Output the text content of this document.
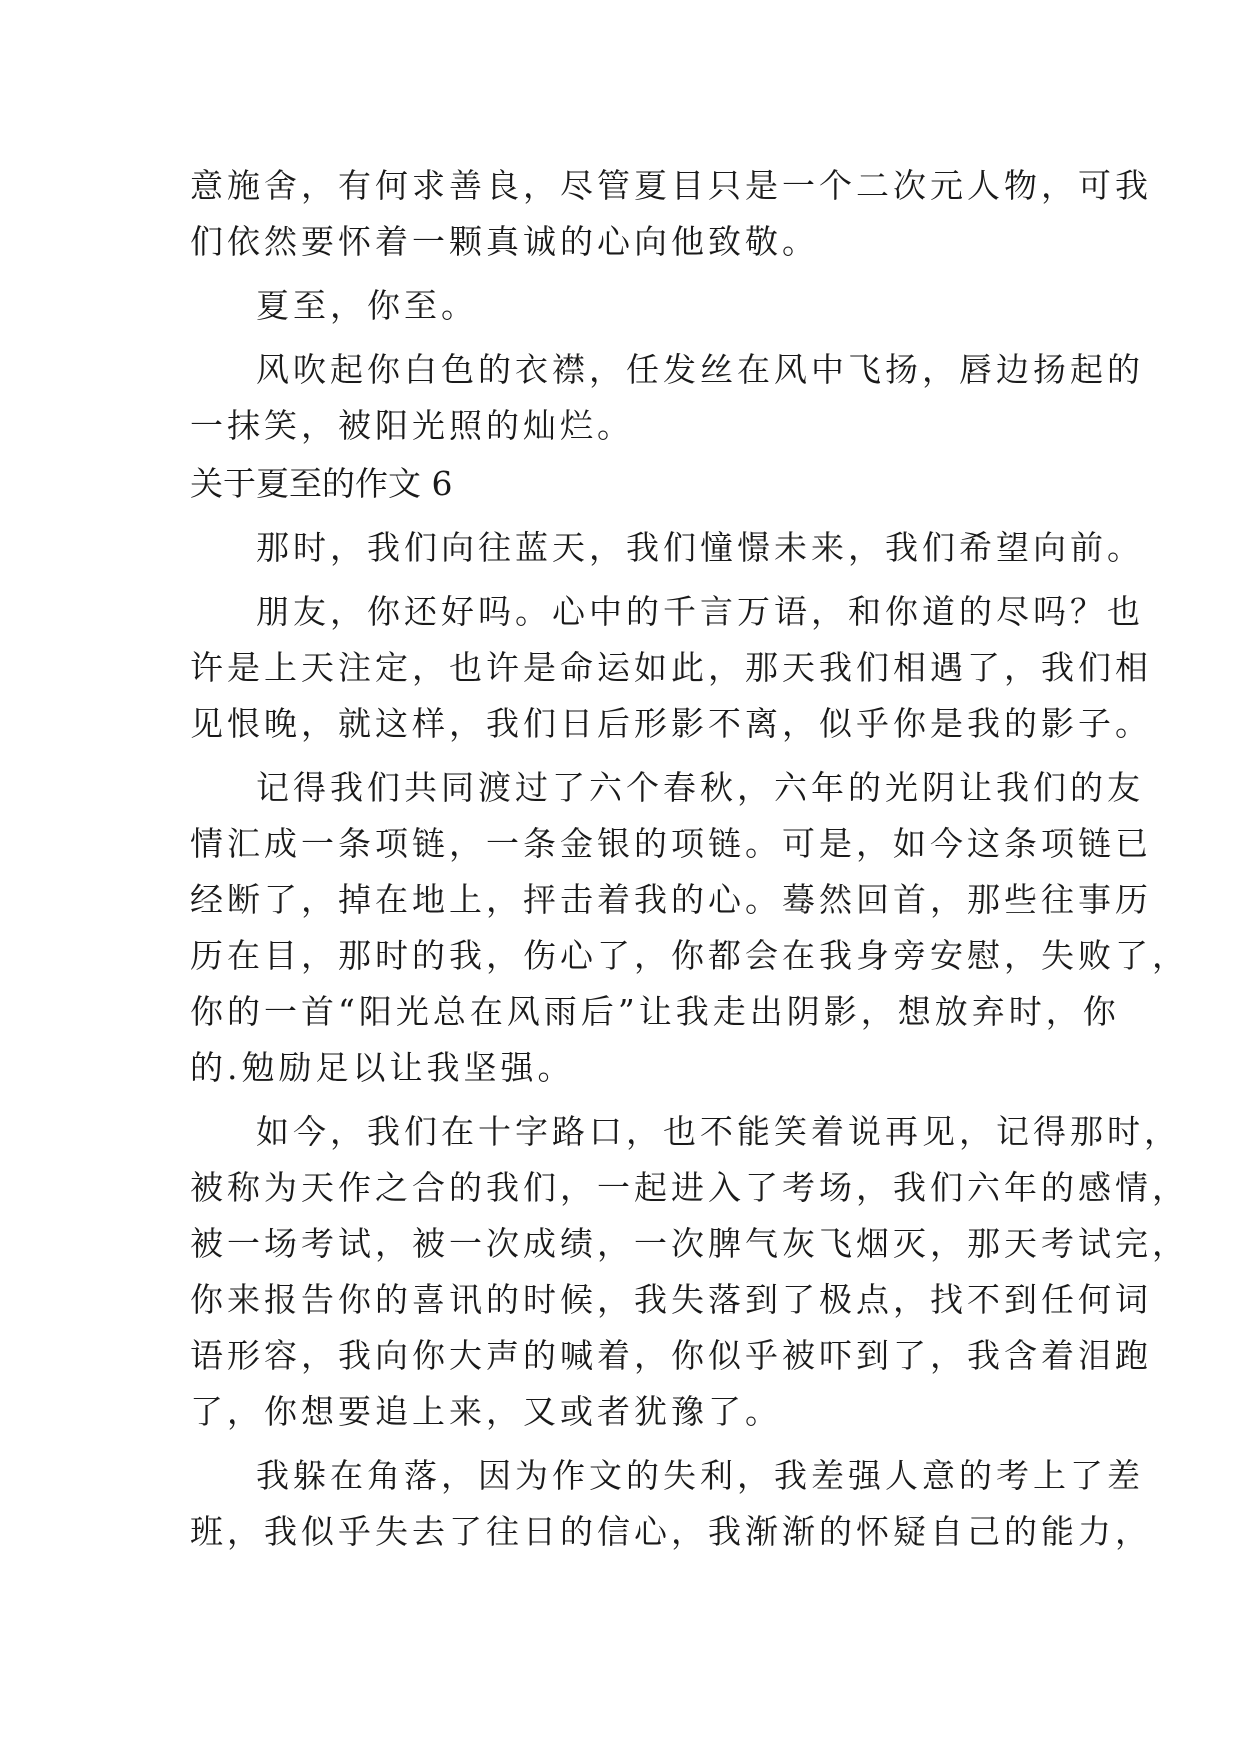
意施舍，有何求善良，尽管夏目只是一个二次元人物，可我
们依然要怀着一颗真诚的心向他致敬。
夏至，你至。
风吹起你白色的衣襟，任发丝在风中飞扬，唇边扬起的
一抹笑，被阳光照的灿烂。
关于夏至的作文 6
那时，我们向往蓝天，我们憧憬未来，我们希望向前。
朋友，你还好吗。心中的千言万语，和你道的尽吗？也
许是上天注定，也许是命运如此，那天我们相遇了，我们相
见恨晚，就这样，我们日后形影不离，似乎你是我的影子。
记得我们共同渡过了六个春秋，六年的光阴让我们的友
情汇成一条项链，一条金银的项链。可是，如今这条项链已
经断了，掉在地上，抨击着我的心。蓦然回首，那些往事历
历在目，那时的我，伤心了，你都会在我身旁安慰，失败了，
你的一首“阳光总在风雨后”让我走出阴影，想放弃时，你
的.勉励足以让我坚强。
如今，我们在十字路口，也不能笑着说再见，记得那时，
被称为天作之合的我们，一起进入了考场，我们六年的感情，
被一场考试，被一次成绩，一次脾气灰飞烟灭，那天考试完，
你来报告你的喜讯的时候，我失落到了极点，找不到任何词
语形容，我向你大声的喊着，你似乎被吓到了，我含着泪跑
了，你想要追上来，又或者犹豫了。
我躲在角落，因为作文的失利，我差强人意的考上了差
班，我似乎失去了往日的信心，我渐渐的怀疑自己的能力，
